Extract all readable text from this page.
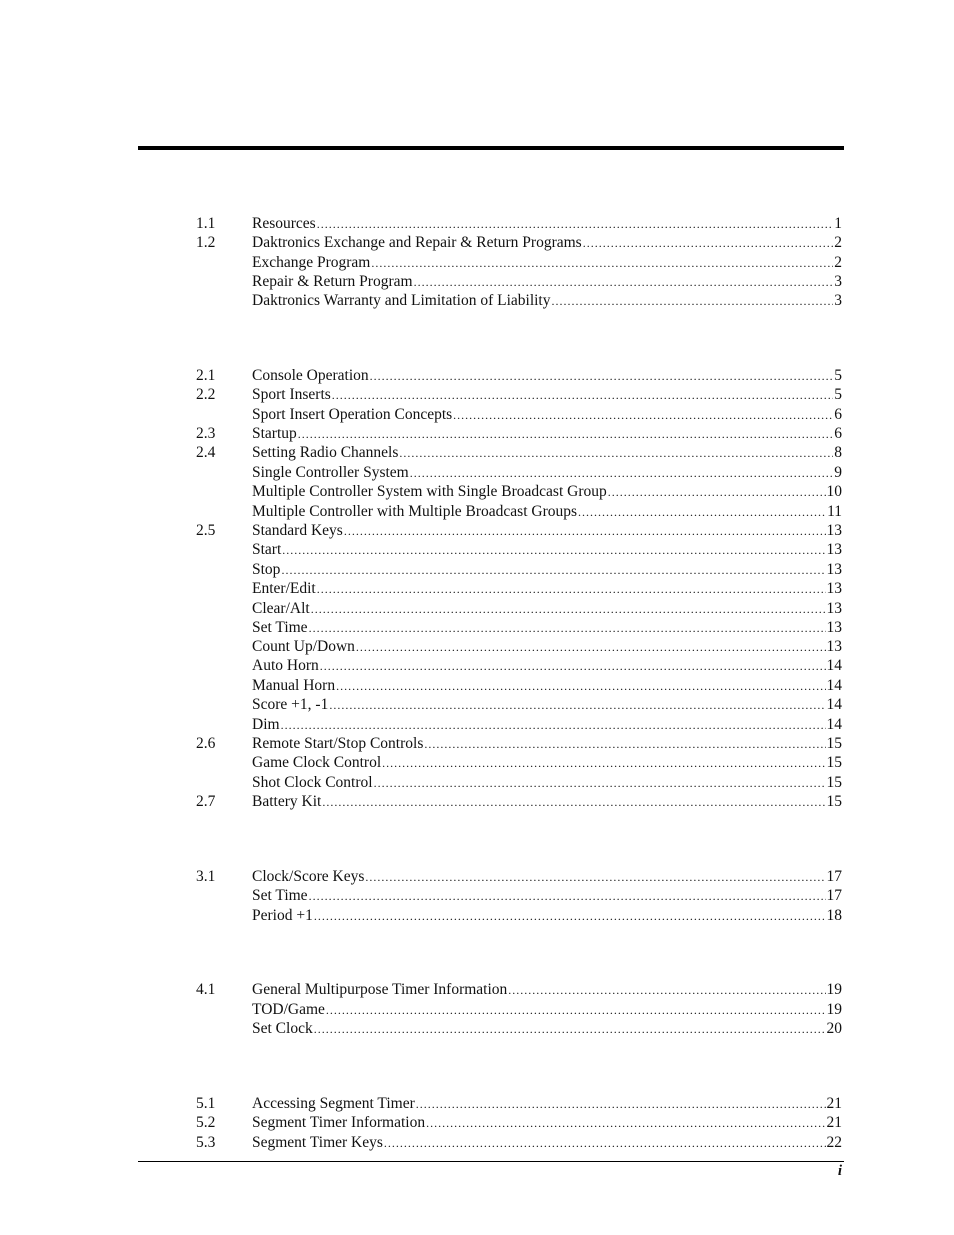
1.1 Resources .....	1
1.2 Daktronics Exchange and Repair & Return Programs .....	2
Exchange Program .....	2
Repair & Return Program .....	3
Daktronics Warranty and Limitation of Liability .....	3
2.1 Console Operation .....	5
2.2 Sport Inserts .....	5
Sport Insert Operation Concepts .....	6
2.3 Startup .....	6
2.4 Setting Radio Channels .....	8
Single Controller System .....	9
Multiple Controller System with Single Broadcast Group .....	10
Multiple Controller with Multiple Broadcast Groups .....	11
2.5 Standard Keys .....	13
Start .....	13
Stop .....	13
Enter/Edit .....	13
Clear/Alt .....	13
Set Time .....	13
Count Up/Down .....	13
Auto Horn .....	14
Manual Horn .....	14
Score +1, -1 .....	14
Dim .....	14
2.6 Remote Start/Stop Controls .....	15
Game Clock Control .....	15
Shot Clock Control .....	15
2.7 Battery Kit .....	15
3.1 Clock/Score Keys .....	17
Set Time .....	17
Period +1 .....	18
4.1 General Multipurpose Timer Information .....	19
TOD/Game .....	19
Set Clock .....	20
5.1 Accessing Segment Timer .....	21
5.2 Segment Timer Information .....	21
5.3 Segment Timer Keys .....	22
i
